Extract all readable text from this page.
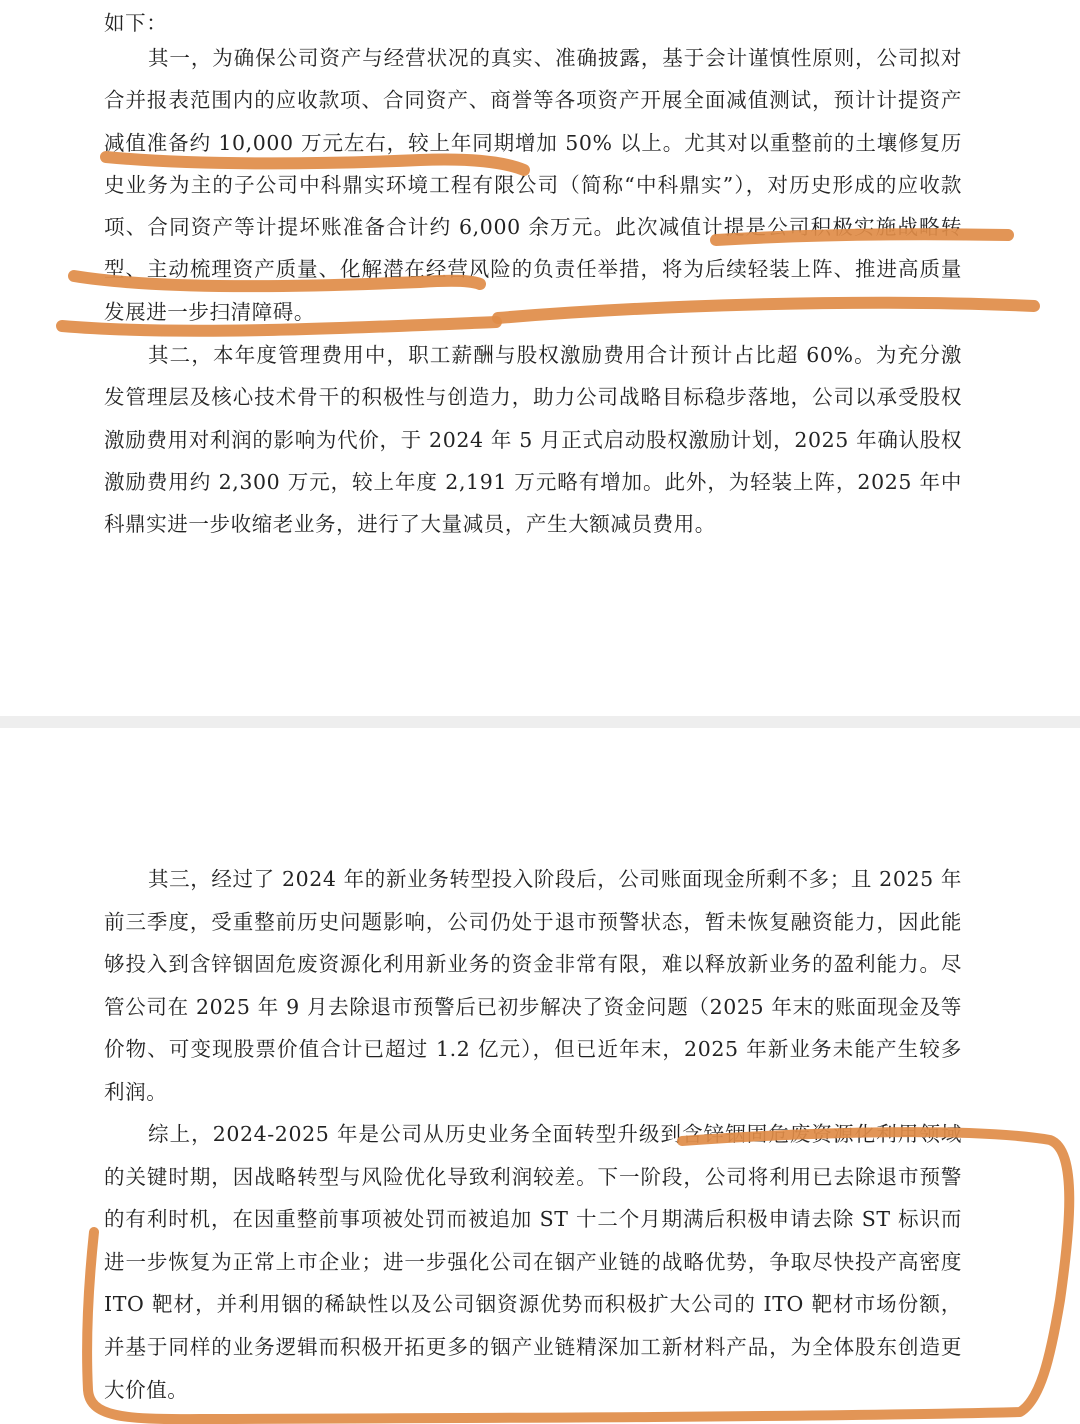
如下：

其一，为确保公司资产与经营状况的真实、准确披露，基于会计谨慎性原则，公司拟对合并报表范围内的应收款项、合同资产、商誉等各项资产开展全面减值测试，预计计提资产减值准备约 10,000 万元左右，较上年同期增加 50% 以上。尤其对以重整前的土壤修复历史业务为主的子公司中科鼎实环境工程有限公司（简称“中科鼎实”），对历史形成的应收款项、合同资产等计提坏账准备合计约 6,000 余万元。此次减值计提是公司积极实施战略转型、主动梳理资产质量、化解潜在经营风险的负责任举措，将为后续轻装上阵、推进高质量发展进一步扫清障碍。

其二，本年度管理费用中，职工薪酬与股权激励费用合计预计占比超 60%。为充分激发管理层及核心技术骨干的积极性与创造力，助力公司战略目标稳步落地，公司以承受股权激励费用对利润的影响为代价，于 2024 年 5 月正式启动股权激励计划，2025 年确认股权激励费用约 2,300 万元，较上年度 2,191 万元略有增加。此外，为轻装上阵，2025 年中科鼎实进一步收缩老业务，进行了大量减员，产生大额减员费用。

其三，经过了 2024 年的新业务转型投入阶段后，公司账面现金所剩不多；且 2025 年前三季度，受重整前历史问题影响，公司仍处于退市预警状态，暂未恢复融资能力，因此能够投入到含锌铟固危废资源化利用新业务的资金非常有限，难以释放新业务的盈利能力。尽管公司在 2025 年 9 月去除退市预警后已初步解决了资金问题（2025 年末的账面现金及等价物、可变现股票价值合计已超过 1.2 亿元），但已近年末，2025 年新业务未能产生较多利润。

综上，2024-2025 年是公司从历史业务全面转型升级到含锌铟固危废资源化利用领域的关键时期，因战略转型与风险优化导致利润较差。下一阶段，公司将利用已去除退市预警的有利时机，在因重整前事项被处罚而被追加 ST 十二个月期满后积极申请去除 ST 标识而进一步恢复为正常上市企业；进一步强化公司在铟产业链的战略优势，争取尽快投产高密度 ITO 靶材，并利用铟的稀缺性以及公司铟资源优势而积极扩大公司的 ITO 靶材市场份额，并基于同样的业务逻辑而积极开拓更多的铟产业链精深加工新材料产品，为全体股东创造更大价值。
